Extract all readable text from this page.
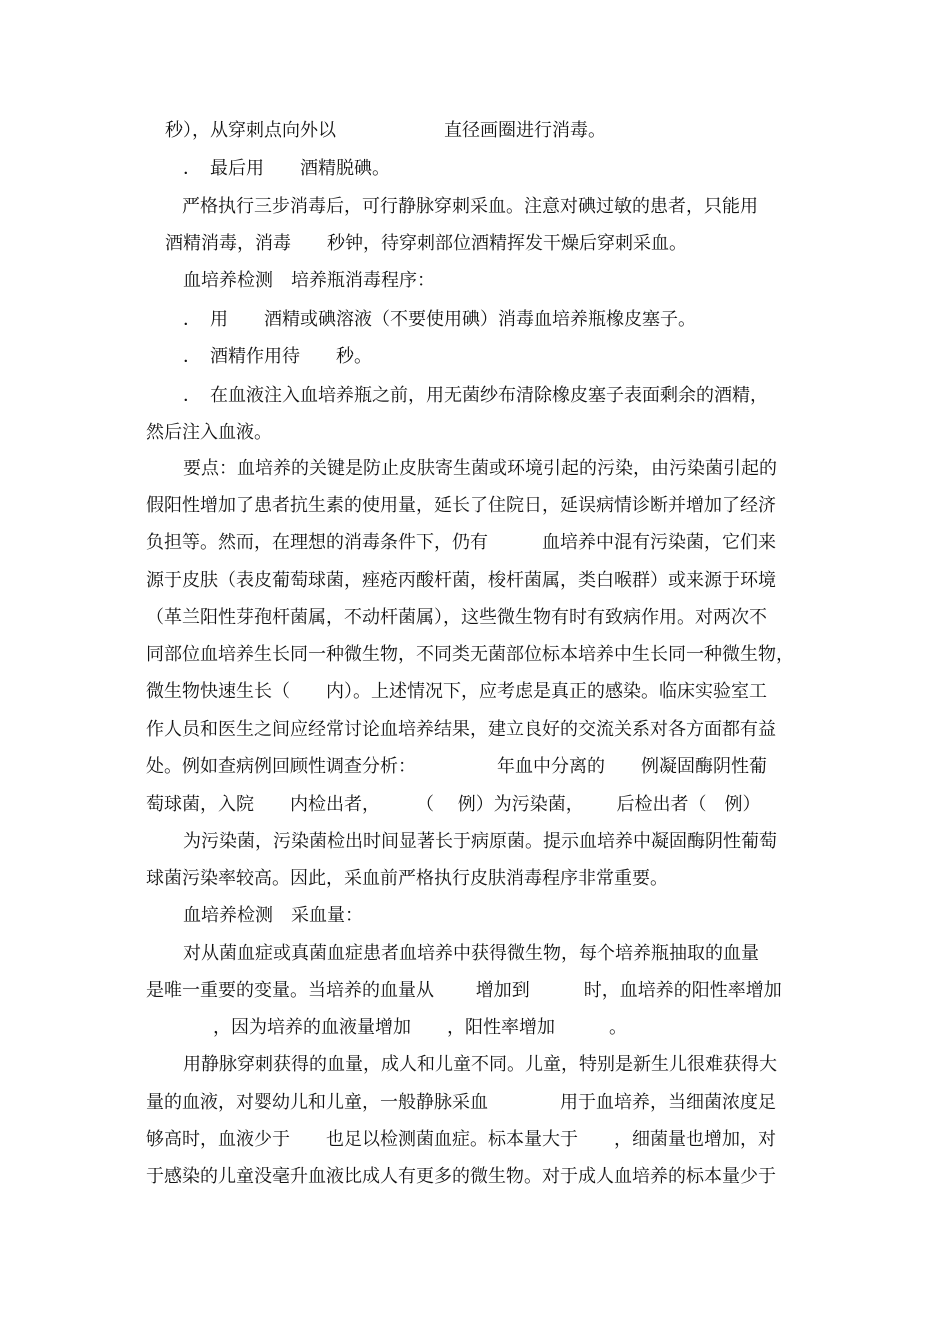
秒），从穿刺点向外以　　　　　　直径画圈进行消毒。
．　最后用　　酒精脱碘。
严格执行三步消毒后，可行静脉穿刺采血。注意对碘过敏的患者，只能用
酒精消毒，消毒　　秒钟，待穿刺部位酒精挥发干燥后穿刺采血。
血培养检测　培养瓶消毒程序：
．　用　　酒精或碘溶液（不要使用碘）消毒血培养瓶橡皮塞子。
．　酒精作用待　　秒。
．　在血液注入血培养瓶之前，用无菌纱布清除橡皮塞子表面剩余的酒精，
然后注入血液。
要点：血培养的关键是防止皮肤寄生菌或环境引起的污染，由污染菌引起的
假阳性增加了患者抗生素的使用量，延长了住院日，延误病情诊断并增加了经济
负担等。然而，在理想的消毒条件下，仍有　　　血培养中混有污染菌，它们来
源于皮肤（表皮葡萄球菌，痤疮丙酸杆菌，梭杆菌属，类白喉群）或来源于环境
（革兰阳性芽孢杆菌属，不动杆菌属），这些微生物有时有致病作用。对两次不
同部位血培养生长同一种微生物，不同类无菌部位标本培养中生长同一种微生物，
微生物快速生长（　　内）。上述情况下，应考虑是真正的感染。临床实验室工
作人员和医生之间应经常讨论血培养结果，建立良好的交流关系对各方面都有益
处。例如查病例回顾性调查分析：　　　　　年血中分离的　　例凝固酶阴性葡
萄球菌，入院　　内检出者，　　　（　 例）为污染菌，　　 后检出者（　例）
为污染菌，污染菌检出时间显著长于病原菌。提示血培养中凝固酶阴性葡萄
球菌污染率较高。因此，采血前严格执行皮肤消毒程序非常重要。
血培养检测　采血量：
对从菌血症或真菌血症患者血培养中获得微生物，每个培养瓶抽取的血量
是唯一重要的变量。当培养的血量从　　 增加到　　　时，血培养的阳性率增加
　，因为培养的血液量增加　　，阳性率增加　　　。
用静脉穿刺获得的血量，成人和儿童不同。儿童，特别是新生儿很难获得大
量的血液，对婴幼儿和儿童，一般静脉采血　　　　用于血培养，当细菌浓度足
够高时，血液少于　　也足以检测菌血症。标本量大于　　，细菌量也增加，对
于感染的儿童没毫升血液比成人有更多的微生物。对于成人血培养的标本量少于
